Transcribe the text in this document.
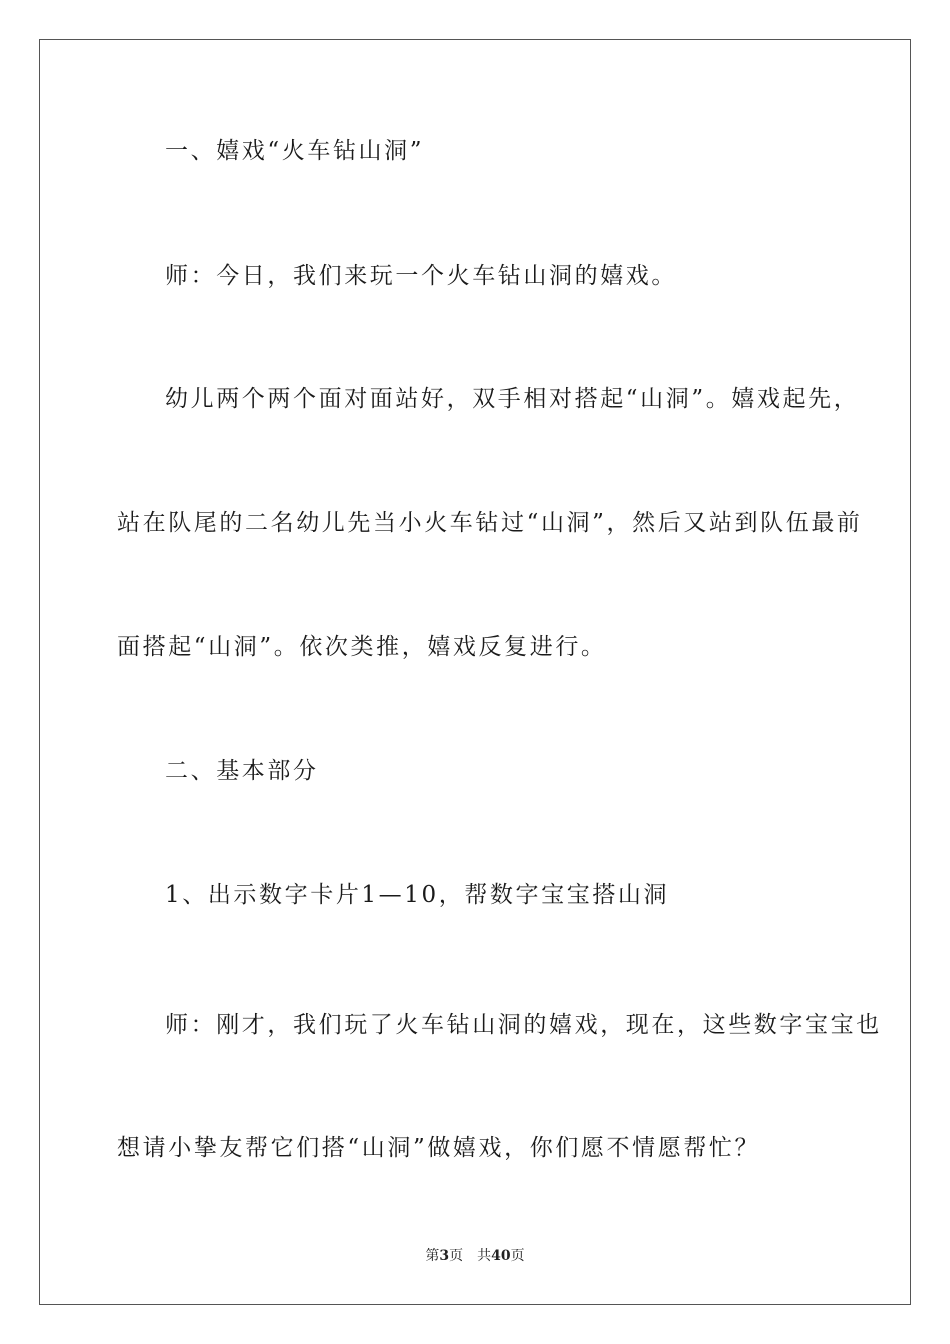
一、嬉戏“火车钻山洞”
师：今日，我们来玩一个火车钻山洞的嬉戏。
幼儿两个两个面对面站好，双手相对搭起“山洞”。嬉戏起先，
站在队尾的二名幼儿先当小火车钻过“山洞”，然后又站到队伍最前
面搭起“山洞”。依次类推，嬉戏反复进行。
二、基本部分
1、出示数字卡片1—10，帮数字宝宝搭山洞
师：刚才，我们玩了火车钻山洞的嬉戏，现在，这些数字宝宝也
想请小挚友帮它们搭“山洞”做嬉戏，你们愿不情愿帮忙？
第3页 共40页
